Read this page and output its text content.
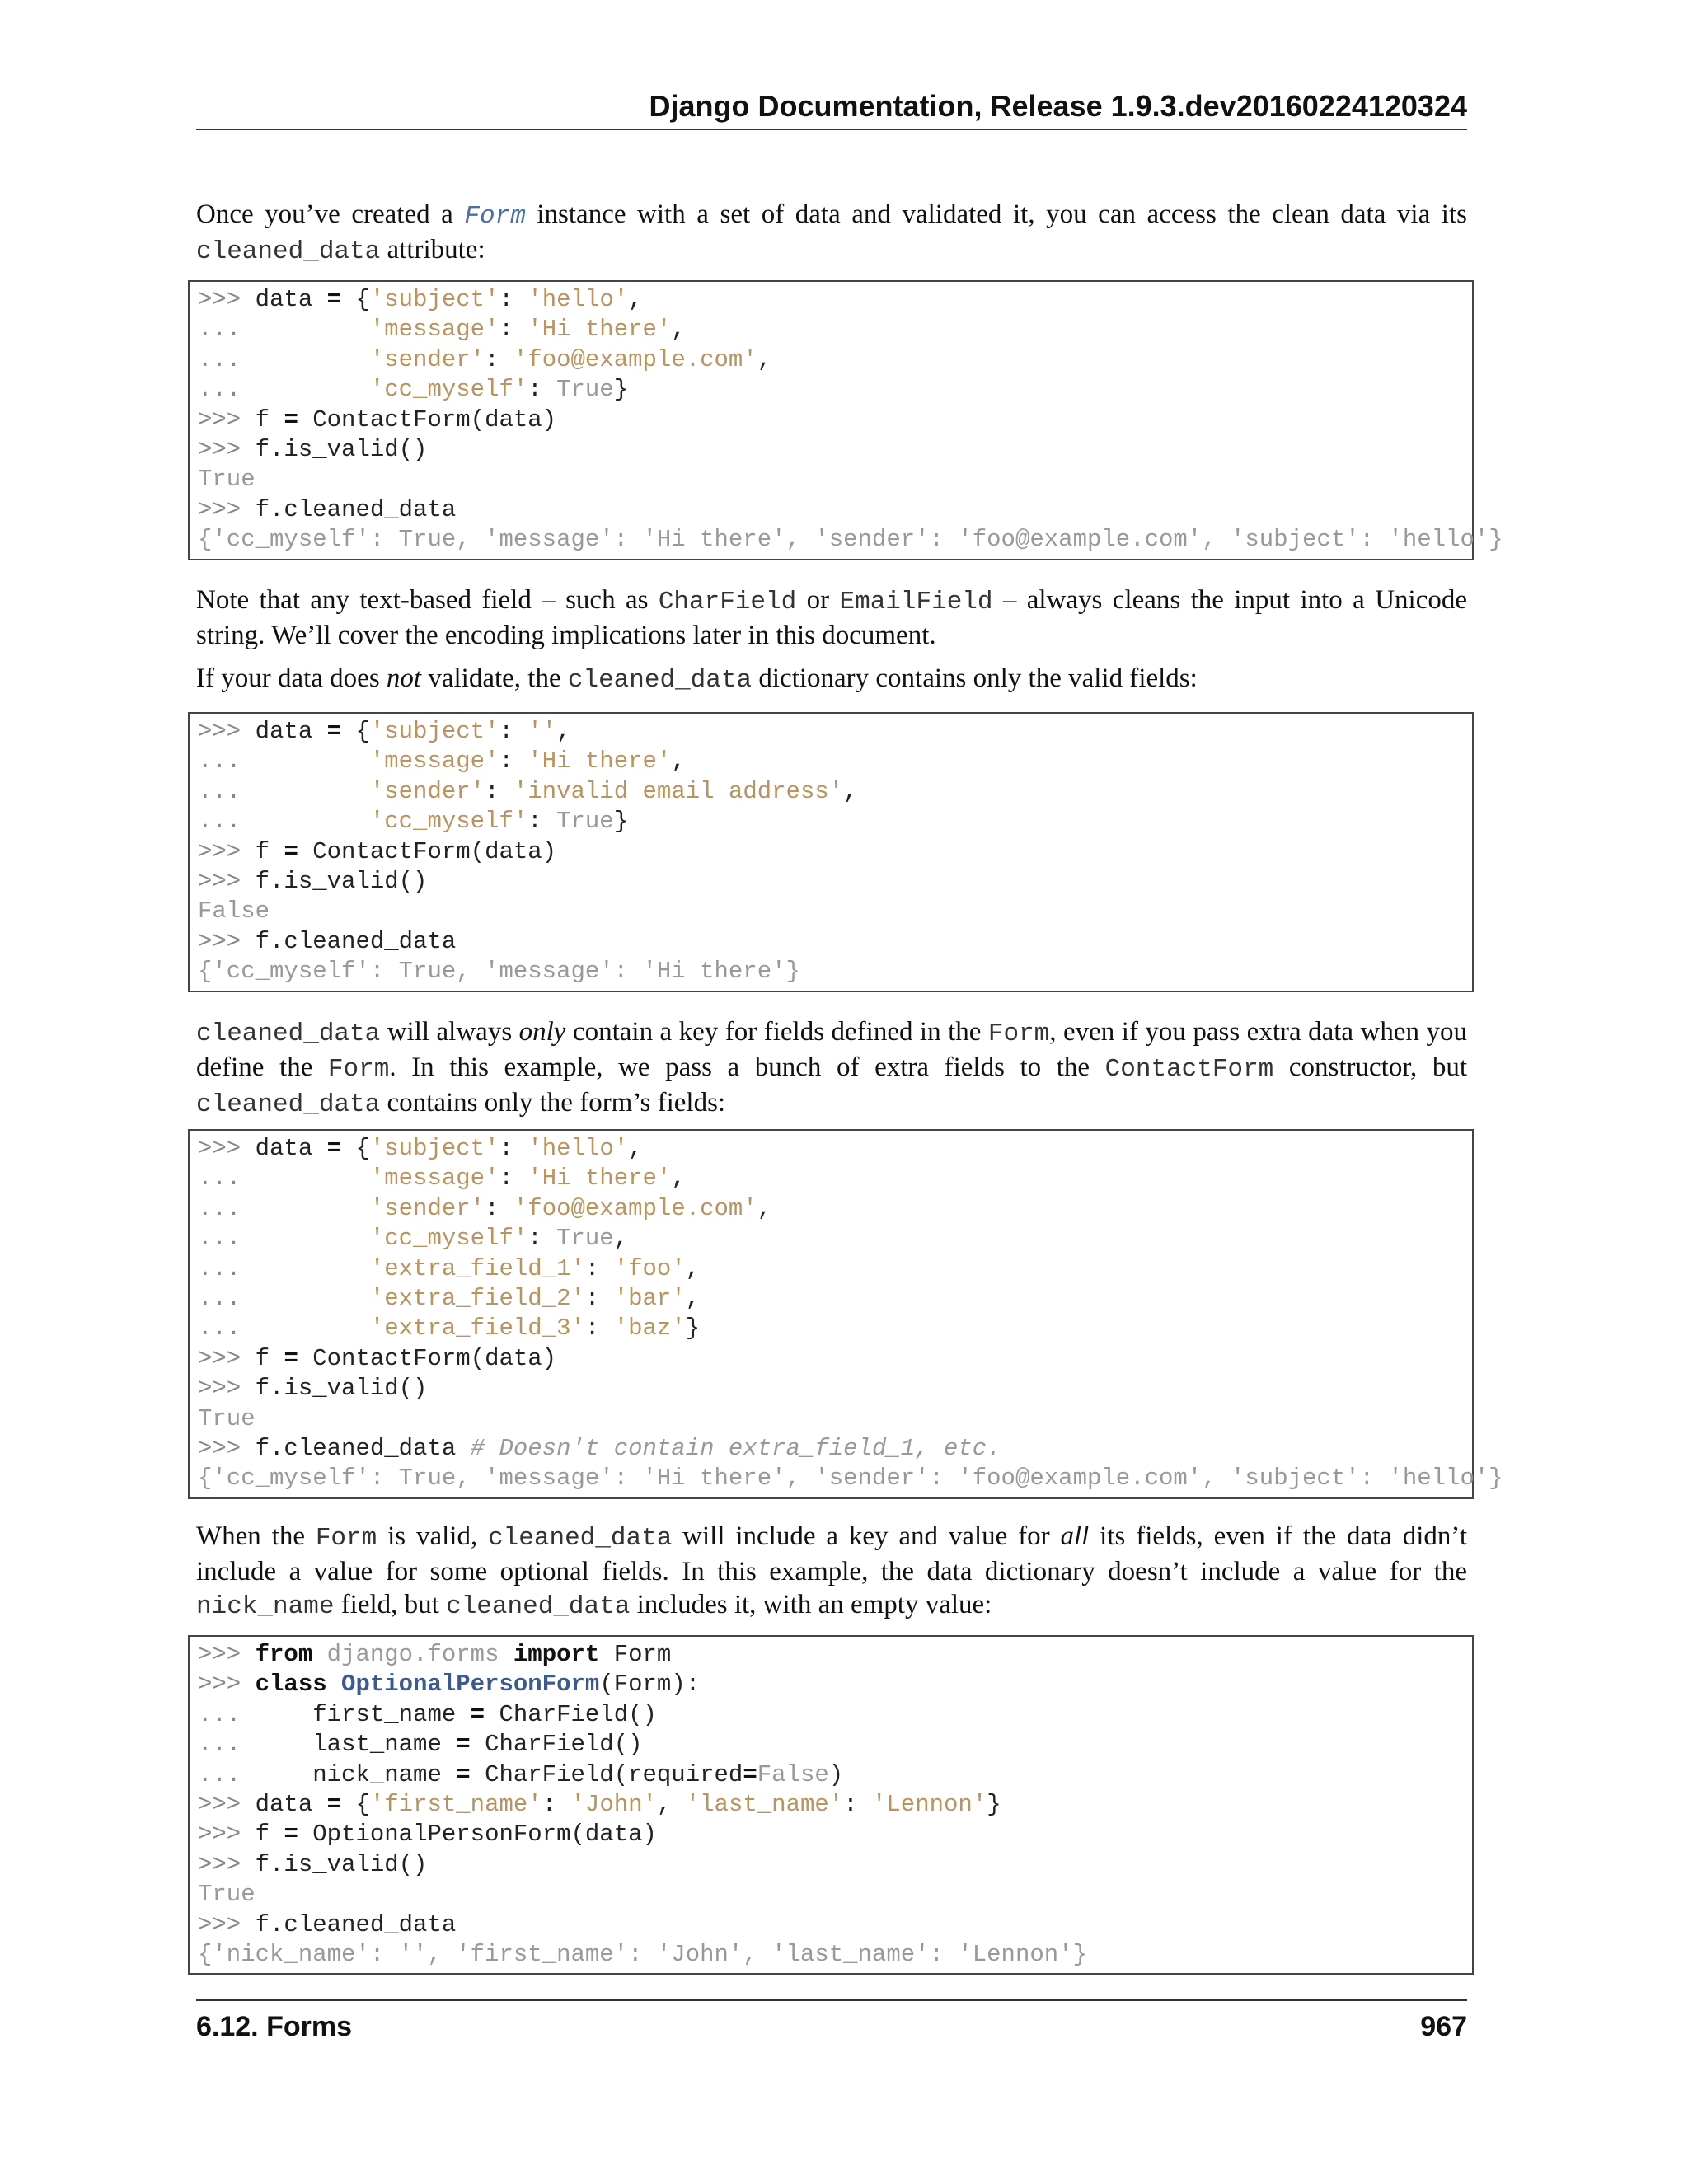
Django Documentation, Release 1.9.3.dev20160224120324
Once you’ve created a Form instance with a set of data and validated it, you can access the clean data via its cleaned_data attribute:
>>> data = {'subject': 'hello',
...         'message': 'Hi there',
...         'sender': 'foo@example.com',
...         'cc_myself': True}
>>> f = ContactForm(data)
>>> f.is_valid()
True
>>> f.cleaned_data
{'cc_myself': True, 'message': 'Hi there', 'sender': 'foo@example.com', 'subject': 'hello'}
Note that any text-based field – such as CharField or EmailField – always cleans the input into a Unicode string. We’ll cover the encoding implications later in this document.
If your data does not validate, the cleaned_data dictionary contains only the valid fields:
>>> data = {'subject': '',
...         'message': 'Hi there',
...         'sender': 'invalid email address',
...         'cc_myself': True}
>>> f = ContactForm(data)
>>> f.is_valid()
False
>>> f.cleaned_data
{'cc_myself': True, 'message': 'Hi there'}
cleaned_data will always only contain a key for fields defined in the Form, even if you pass extra data when you define the Form. In this example, we pass a bunch of extra fields to the ContactForm constructor, but cleaned_data contains only the form’s fields:
>>> data = {'subject': 'hello',
...         'message': 'Hi there',
...         'sender': 'foo@example.com',
...         'cc_myself': True,
...         'extra_field_1': 'foo',
...         'extra_field_2': 'bar',
...         'extra_field_3': 'baz'}
>>> f = ContactForm(data)
>>> f.is_valid()
True
>>> f.cleaned_data # Doesn't contain extra_field_1, etc.
{'cc_myself': True, 'message': 'Hi there', 'sender': 'foo@example.com', 'subject': 'hello'}
When the Form is valid, cleaned_data will include a key and value for all its fields, even if the data didn’t include a value for some optional fields. In this example, the data dictionary doesn’t include a value for the nick_name field, but cleaned_data includes it, with an empty value:
>>> from django.forms import Form
>>> class OptionalPersonForm(Form):
...     first_name = CharField()
...     last_name = CharField()
...     nick_name = CharField(required=False)
>>> data = {'first_name': 'John', 'last_name': 'Lennon'}
>>> f = OptionalPersonForm(data)
>>> f.is_valid()
True
>>> f.cleaned_data
{'nick_name': '', 'first_name': 'John', 'last_name': 'Lennon'}
6.12. Forms	967
